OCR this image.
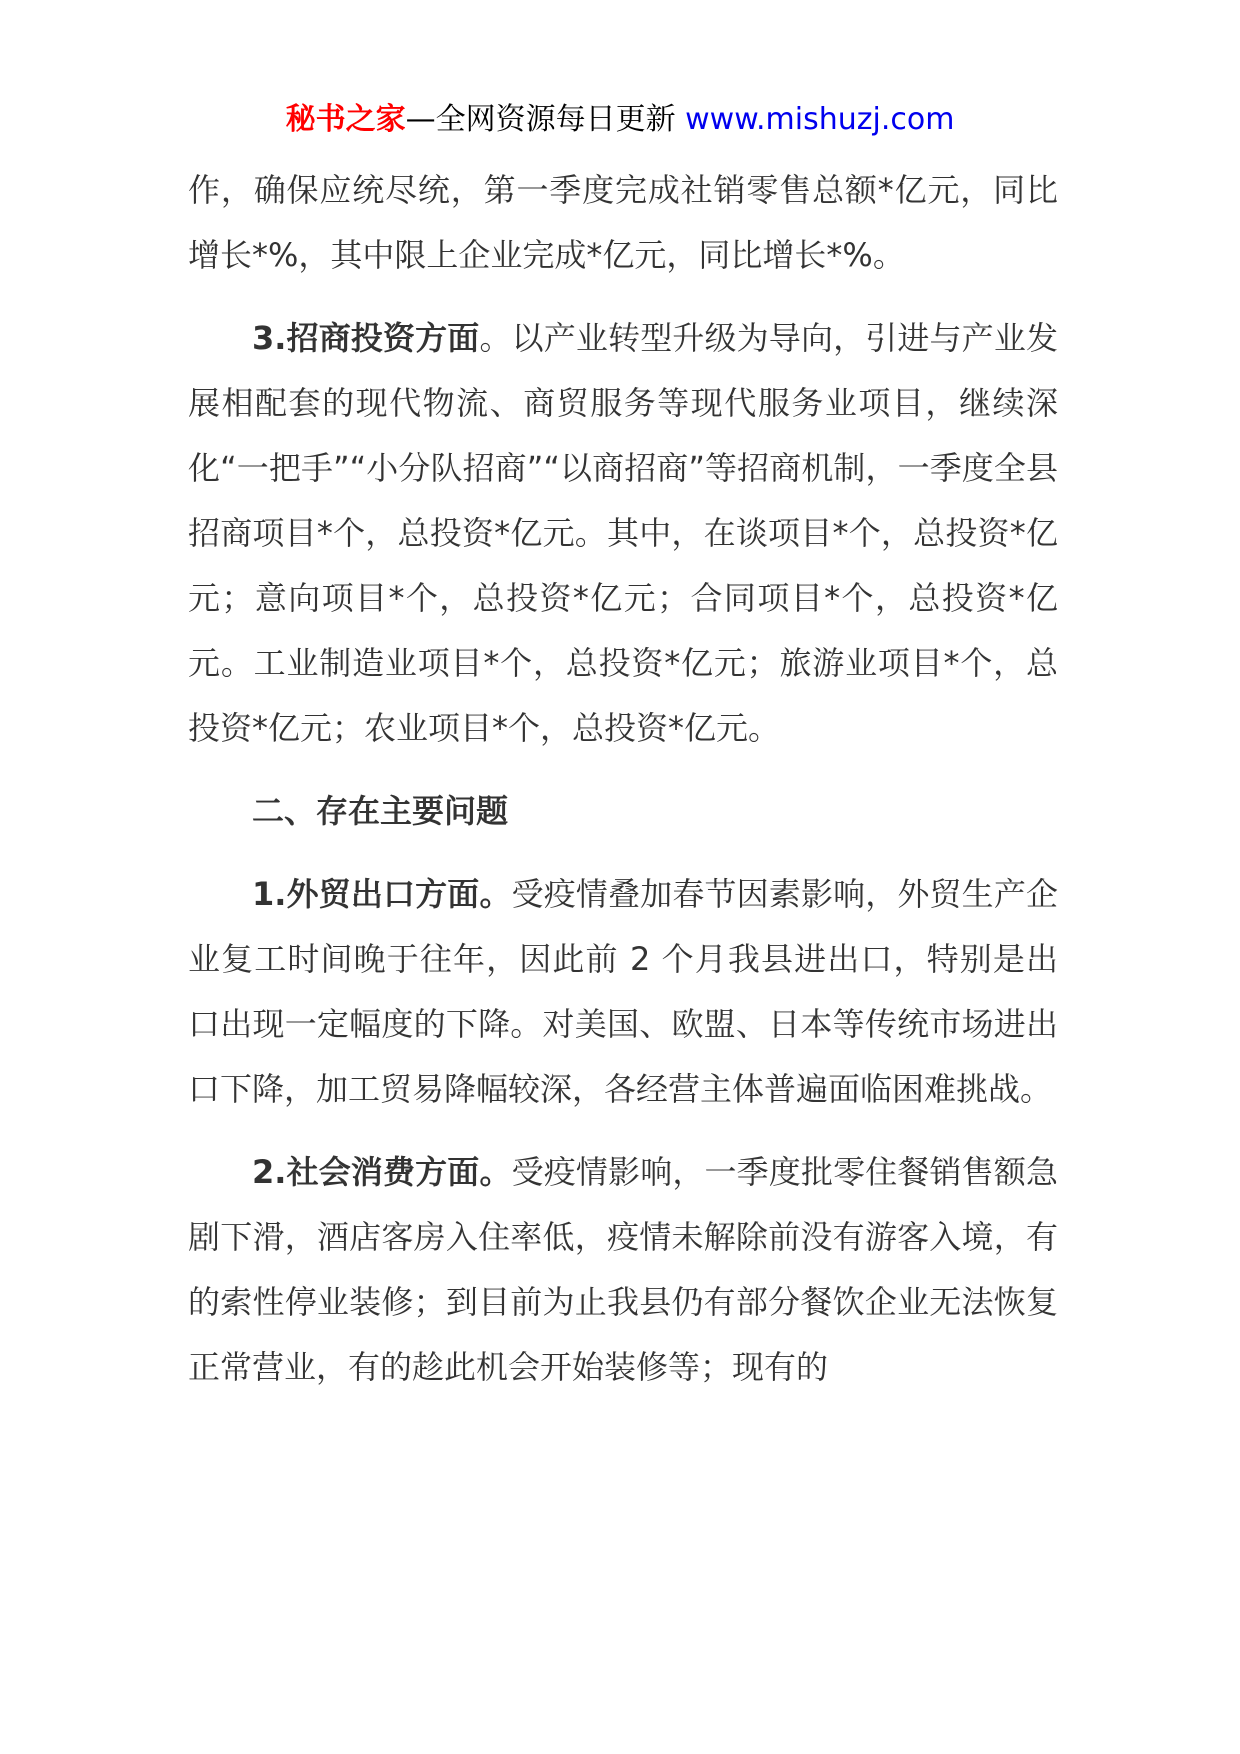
秘书之家—全网资源每日更新 www.mishuzj.com

作，确保应统尽统，第一季度完成社销零售总额*亿元，同比增长*%，其中限上企业完成*亿元，同比增长*%。

3.招商投资方面。以产业转型升级为导向，引进与产业发展相配套的现代物流、商贸服务等现代服务业项目，继续深化“一把手”“小分队招商”“以商招商”等招商机制，一季度全县招商项目*个，总投资*亿元。其中，在谈项目*个，总投资*亿元；意向项目*个，总投资*亿元；合同项目*个，总投资*亿元。工业制造业项目*个，总投资*亿元；旅游业项目*个，总投资*亿元；农业项目*个，总投资*亿元。

二、存在主要问题

1.外贸出口方面。受疫情叠加春节因素影响，外贸生产企业复工时间晚于往年，因此前 2 个月我县进出口，特别是出口出现一定幅度的下降。对美国、欧盟、日本等传统市场进出口下降，加工贸易降幅较深，各经营主体普遍面临困难挑战。

2.社会消费方面。受疫情影响，一季度批零住餐销售额急剧下滑，酒店客房入住率低，疫情未解除前没有游客入境，有的索性停业装修；到目前为止我县仍有部分餐饮企业无法恢复正常营业，有的趁此机会开始装修等；现有的
